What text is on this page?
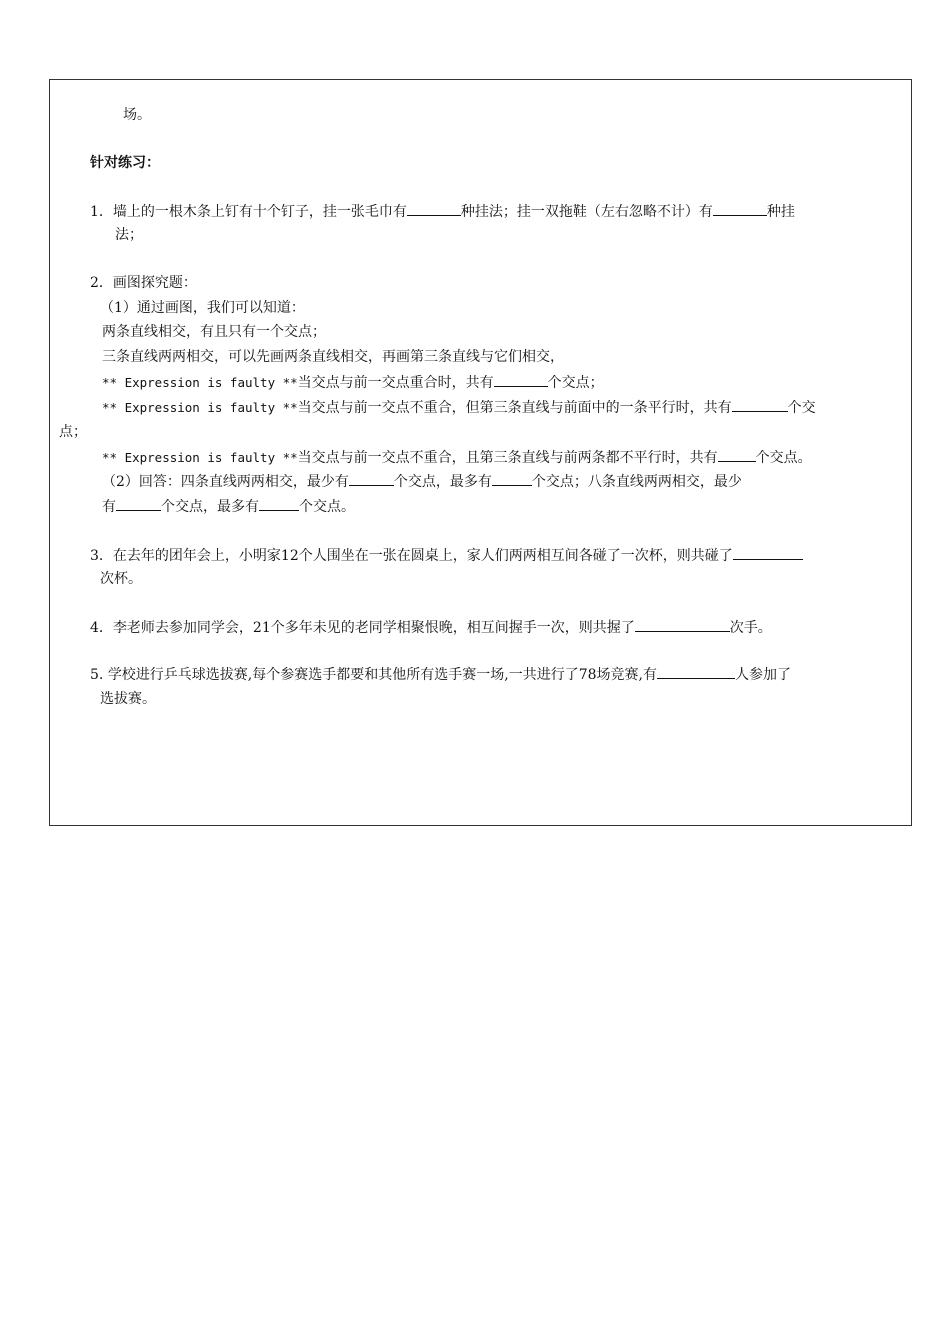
场。
针对练习：
1．墙上的一根木条上钉有十个钉子，挂一张毛巾有	种挂法；挂一双拖鞋（左右忽略不计）有	种挂
法；
2．画图探究题：
（1）通过画图，我们可以知道：
两条直线相交，有且只有一个交点；
三条直线两两相交，可以先画两条直线相交，再画第三条直线与它们相交，
** Expression is faulty **当交点与前一交点重合时，共有	个交点；
** Expression is faulty **当交点与前一交点不重合，但第三条直线与前面中的一条平行时，共有	个交
点；
** Expression is faulty **当交点与前一交点不重合，且第三条直线与前两条都不平行时，共有	个交点。
（2）回答：四条直线两两相交，最少有	个交点，最多有	个交点；八条直线两两相交，最少
有	个交点，最多有	个交点。
3．在去年的团年会上，小明家12个人围坐在一张在圆桌上，家人们两两相互间各碰了一次杯，则共碰了
次杯。
4．李老师去参加同学会，21个多年未见的老同学相聚恨晚，相互间握手一次，则共握了	次手。
5. 学校进行乒乓球选拔赛,每个参赛选手都要和其他所有选手赛一场,一共进行了78场竞赛,有	人参加了
选拔赛。
